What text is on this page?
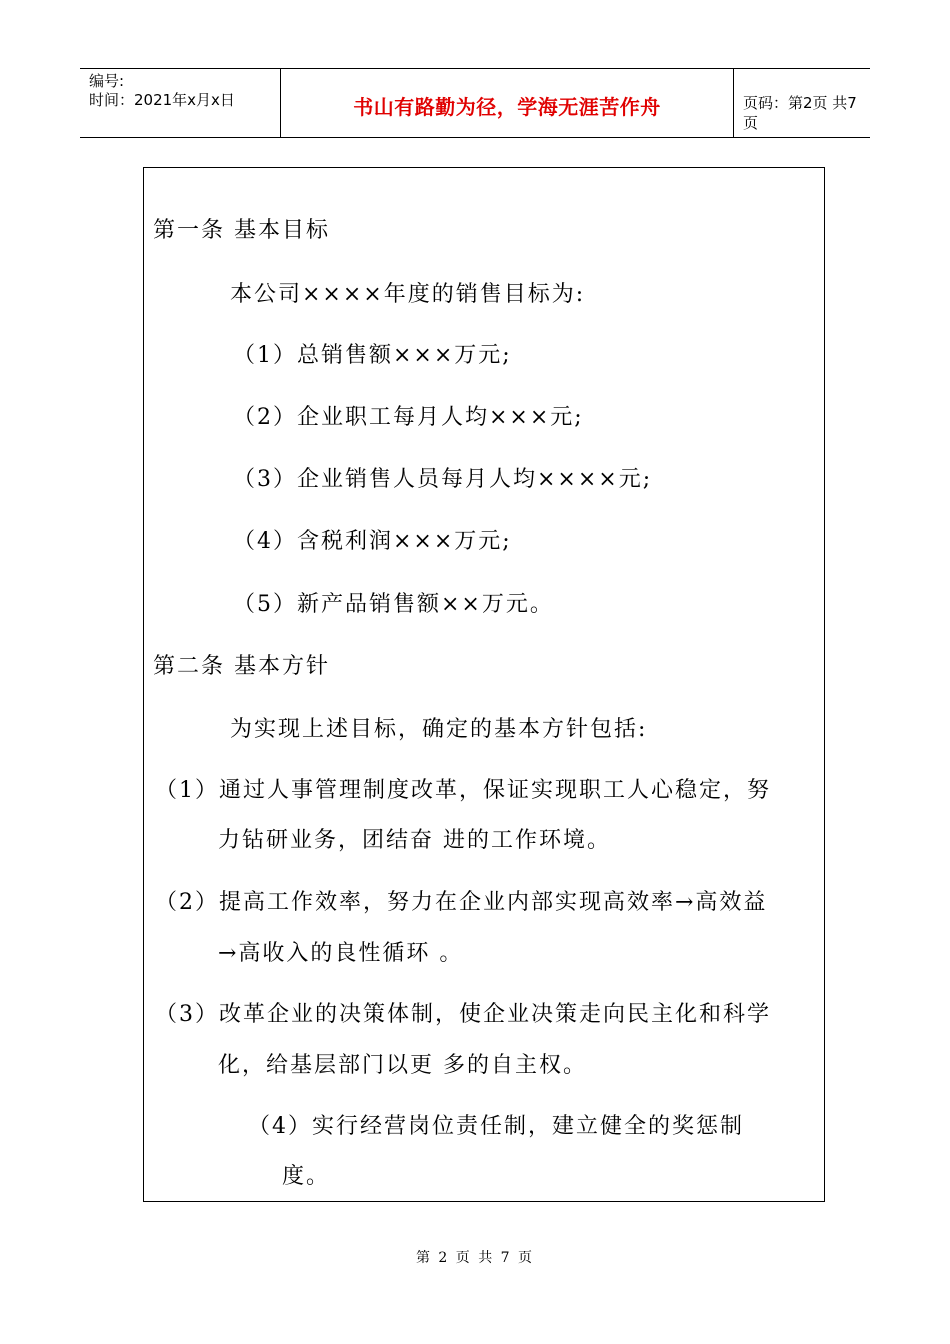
编号:
时间：2021年x月x日	书山有路勤为径，学海无涯苦作舟	页码：第2页 共7页
第一条 基本目标
本公司××××年度的销售目标为:
（1）总销售额×××万元;
（2）企业职工每月人均×××元;
（3）企业销售人员每月人均××××元;
（4）含税利润×××万元;
（5）新产品销售额××万元。
第二条 基本方针
为实现上述目标，确定的基本方针包括:
（1）通过人事管理制度改革，保证实现职工人心稳定，努
力钻研业务，团结奋 进的工作环境。
（2）提高工作效率，努力在企业内部实现高效率→高效益
→高收入的良性循环 。
（3）改革企业的决策体制，使企业决策走向民主化和科学
化，给基层部门以更 多的自主权。
（4）实行经营岗位责任制，建立健全的奖惩制
度。
第 2 页 共 7 页
